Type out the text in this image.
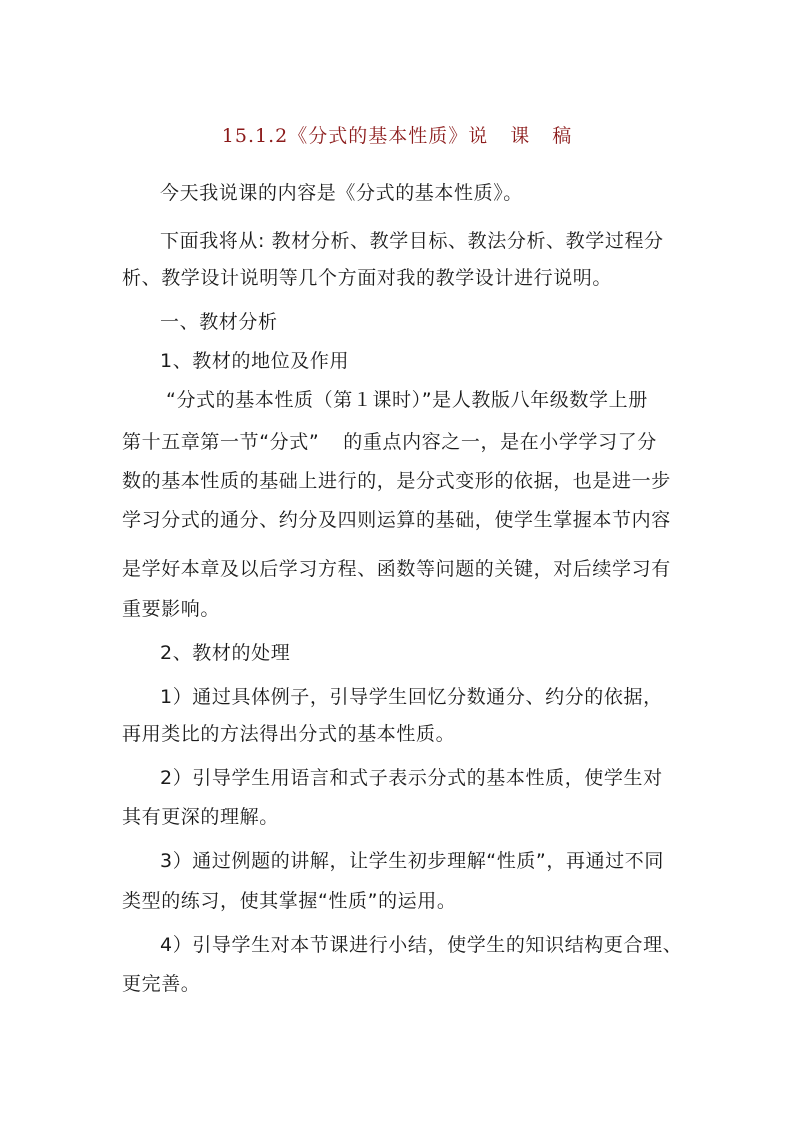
15.1.2《分式的基本性质》说 课 稿
今天我说课的内容是《分式的基本性质》。
下面我将从: 教材分析、教学目标、教法分析、教学过程分
析、教学设计说明等几个方面对我的教学设计进行说明。
一、教材分析
1、教材的地位及作用
“分式的基本性质（第１课时）”是人教版八年级数学上册
第十五章第一节“分式” 的重点内容之一，是在小学学习了分
数的基本性质的基础上进行的，是分式变形的依据，也是进一步
学习分式的通分、约分及四则运算的基础，使学生掌握本节内容
是学好本章及以后学习方程、函数等问题的关键，对后续学习有
重要影响。
2、教材的处理
1）通过具体例子，引导学生回忆分数通分、约分的依据，
再用类比的方法得出分式的基本性质。
2）引导学生用语言和式子表示分式的基本性质，使学生对
其有更深的理解。
3）通过例题的讲解，让学生初步理解“性质”，再通过不同
类型的练习，使其掌握“性质”的运用。
4）引导学生对本节课进行小结，使学生的知识结构更合理、
更完善。
